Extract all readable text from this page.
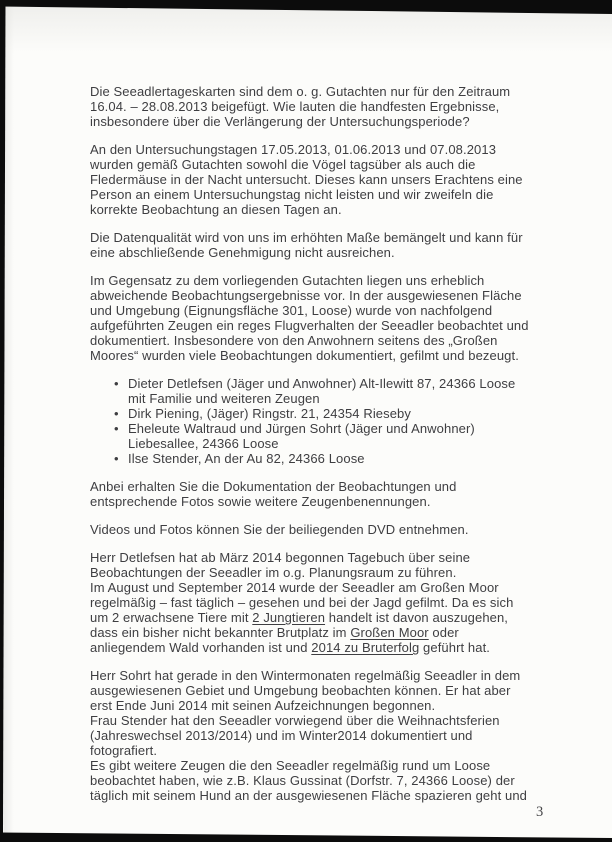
Die Seeadlertageskarten sind dem o. g. Gutachten nur für den Zeitraum
16.04. – 28.08.2013 beigefügt. Wie lauten die handfesten Ergebnisse,
insbesondere über die Verlängerung der Untersuchungsperiode?
An den Untersuchungstagen 17.05.2013, 01.06.2013 und 07.08.2013
wurden gemäß Gutachten sowohl die Vögel tagsüber als auch die
Fledermäuse in der Nacht untersucht. Dieses kann unsers Erachtens eine
Person an einem Untersuchungstag nicht leisten und wir zweifeln die
korrekte Beobachtung an diesen Tagen an.
Die Datenqualität wird von uns im erhöhten Maße bemängelt und kann für
eine abschließende Genehmigung nicht ausreichen.
Im Gegensatz zu dem vorliegenden Gutachten liegen uns erheblich
abweichende Beobachtungsergebnisse vor. In der ausgewiesenen Fläche
und Umgebung (Eignungsfläche 301, Loose) wurde von nachfolgend
aufgeführten Zeugen ein reges Flugverhalten der Seeadler beobachtet und
dokumentiert. Insbesondere von den Anwohnern seitens des „Großen
Moores“ wurden viele Beobachtungen dokumentiert, gefilmt und bezeugt.
• Dieter Detlefsen (Jäger und Anwohner) Alt-Ilewitt 87, 24366 Loose
mit Familie und weiteren Zeugen
• Dirk Piening, (Jäger) Ringstr. 21, 24354 Rieseby
• Eheleute Waltraud und Jürgen Sohrt (Jäger und Anwohner)
Liebesallee, 24366 Loose
• Ilse Stender, An der Au 82, 24366 Loose
Anbei erhalten Sie die Dokumentation der Beobachtungen und
entsprechende Fotos sowie weitere Zeugenbenennungen.
Videos und Fotos können Sie der beiliegenden DVD entnehmen.
Herr Detlefsen hat ab März 2014 begonnen Tagebuch über seine
Beobachtungen der Seeadler im o.g. Planungsraum zu führen.
Im August und September 2014 wurde der Seeadler am Großen Moor
regelmäßig – fast täglich – gesehen und bei der Jagd gefilmt. Da es sich
um 2 erwachsene Tiere mit 2 Jungtieren handelt ist davon auszugehen,
dass ein bisher nicht bekannter Brutplatz im Großen Moor oder
anliegendem Wald vorhanden ist und 2014 zu Bruterfolg geführt hat.
Herr Sohrt hat gerade in den Wintermonaten regelmäßig Seeadler in dem
ausgewiesenen Gebiet und Umgebung beobachten können. Er hat aber
erst Ende Juni 2014 mit seinen Aufzeichnungen begonnen.
Frau Stender hat den Seeadler vorwiegend über die Weihnachtsferien
(Jahreswechsel 2013/2014) und im Winter2014 dokumentiert und
fotografiert.
Es gibt weitere Zeugen die den Seeadler regelmäßig rund um Loose
beobachtet haben, wie z.B. Klaus Gussinat (Dorfstr. 7, 24366 Loose) der
täglich mit seinem Hund an der ausgewiesenen Fläche spazieren geht und
3
